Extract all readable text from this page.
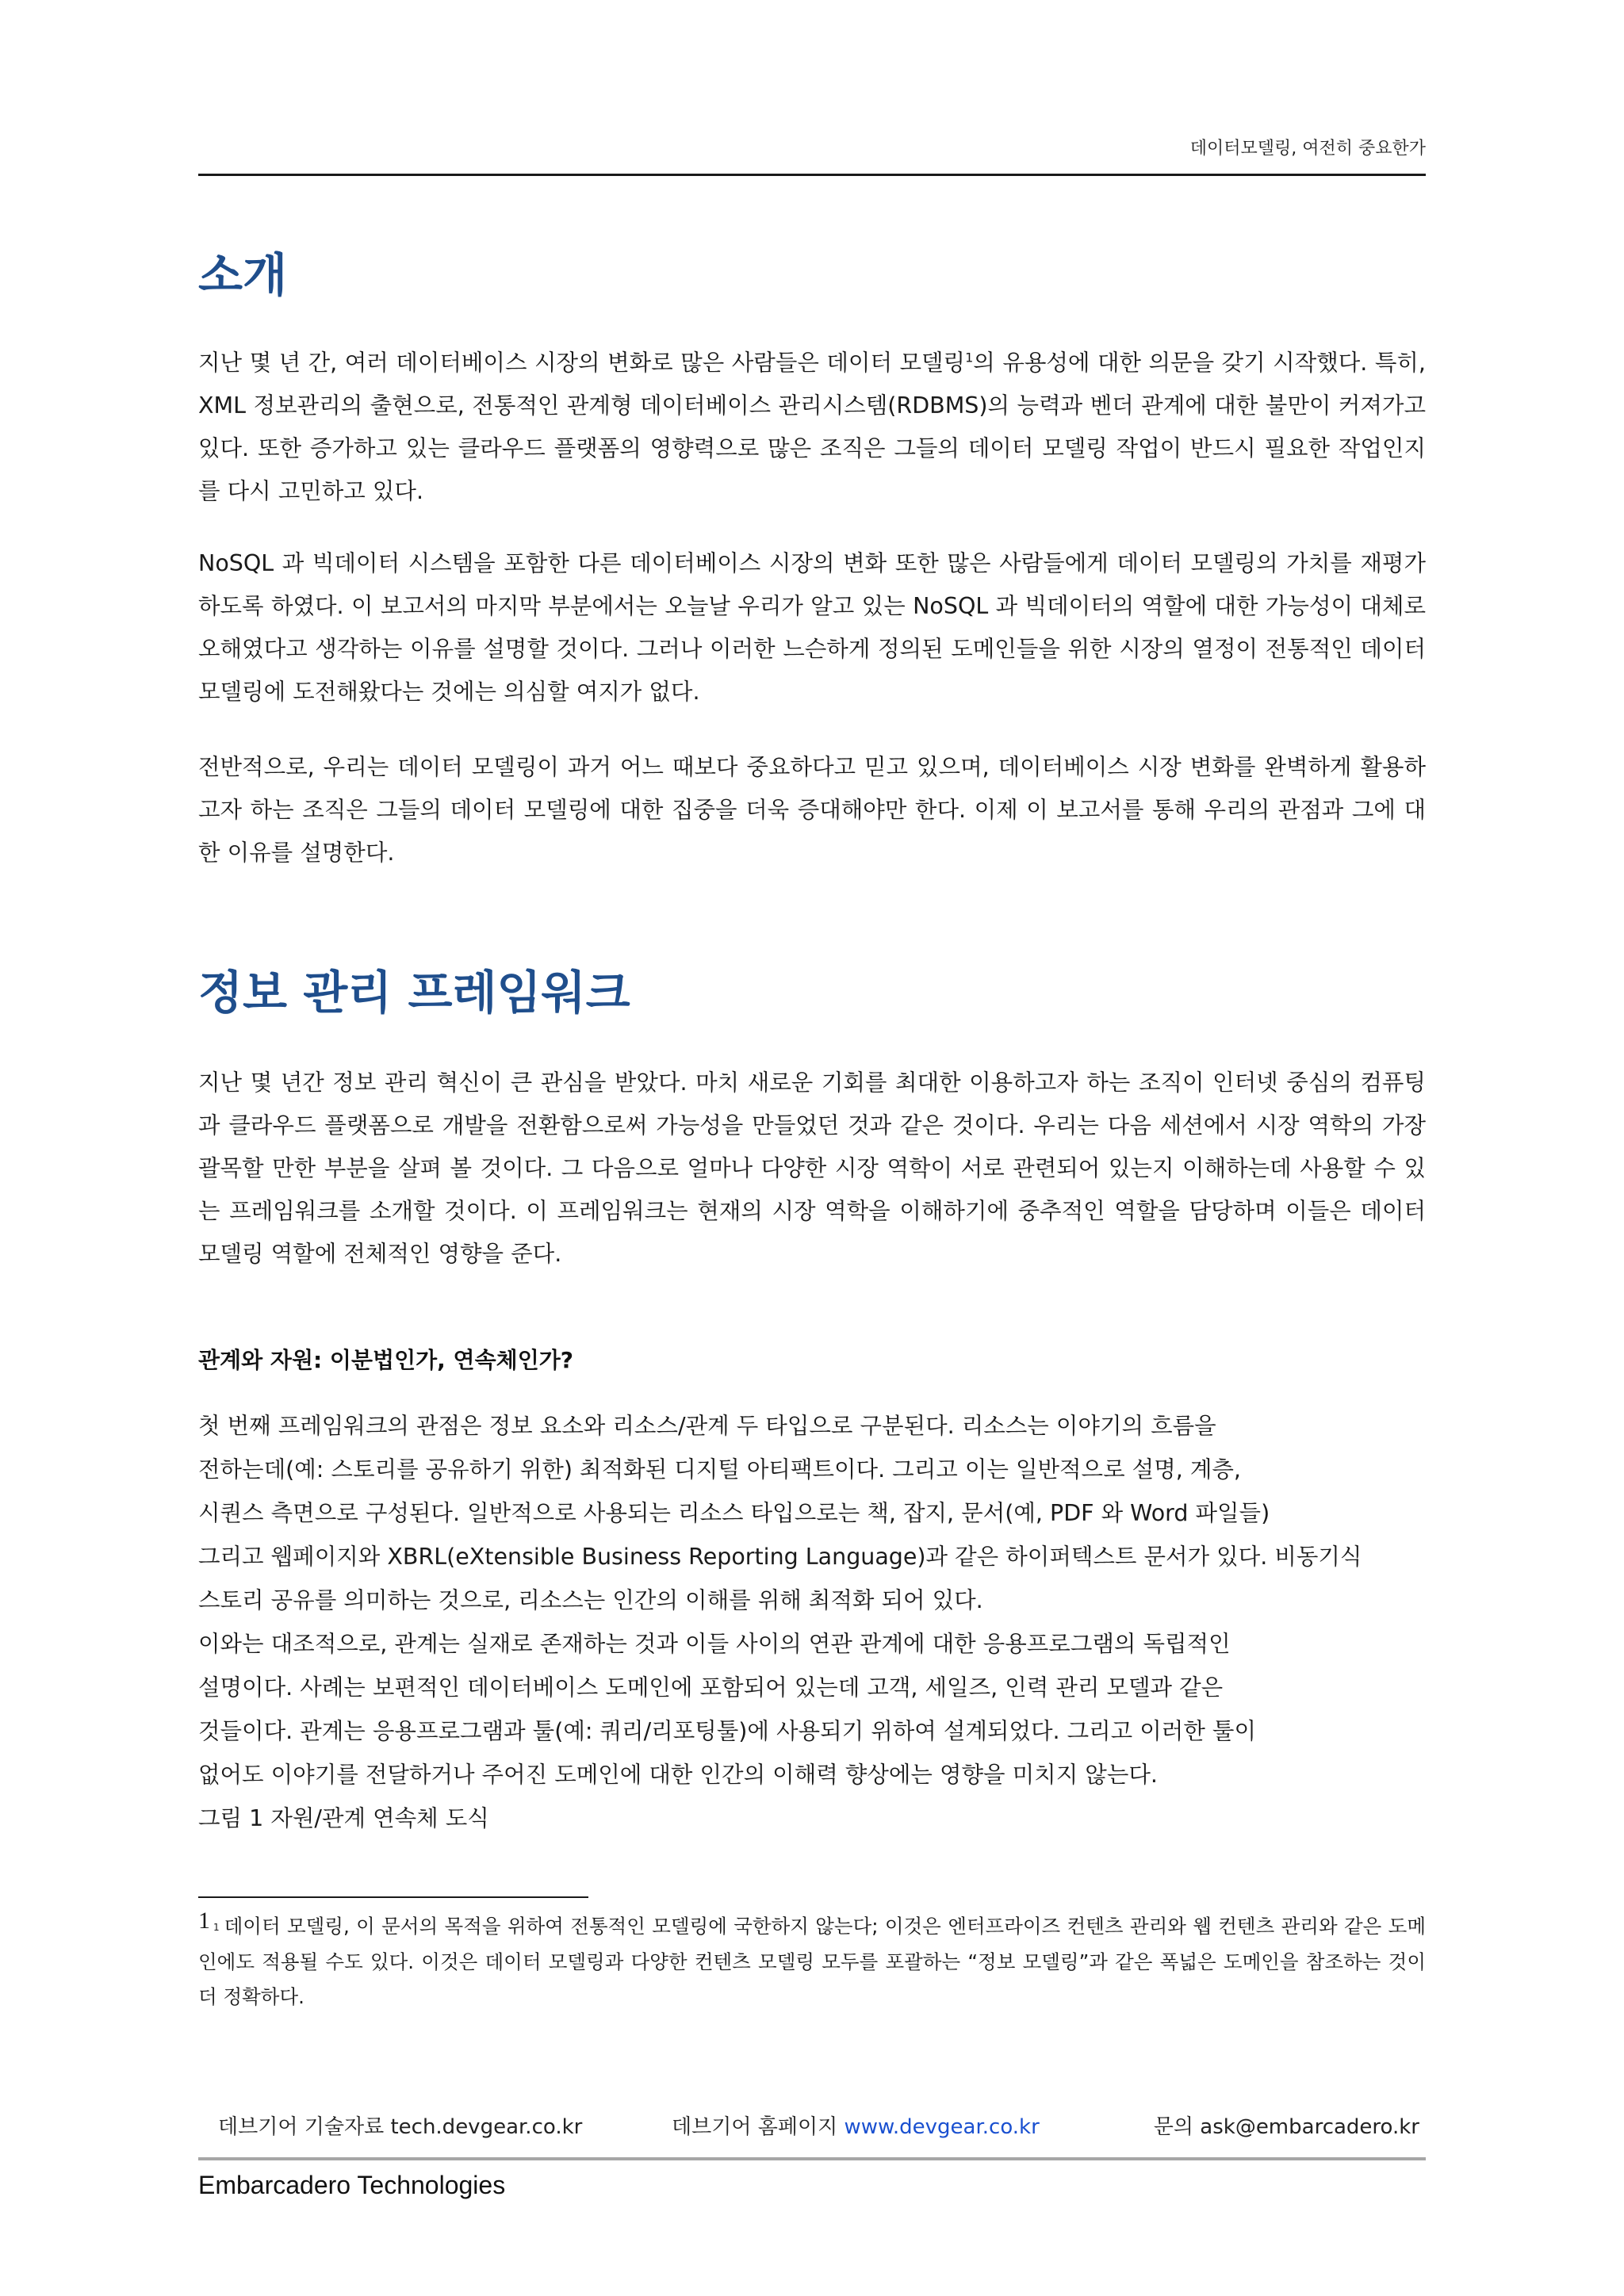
데이터모델링, 여전히 중요한가
소개

지난 몇 년 간, 여러 데이터베이스 시장의 변화로 많은 사람들은 데이터 모델링$^1$의 유용성에 대한 의문을 갖기 시작했다. 특히, XML 정보관리의 출현으로, 전통적인 관계형 데이터베이스 관리시스템(RDBMS)의 능력과 벤더 관계에 대한 불만이 커져가고 있다. 또한 증가하고 있는 클라우드 플랫폼의 영향력으로 많은 조직은 그들의 데이터 모델링 작업이 반드시 필요한 작업인지를 다시 고민하고 있다.

NoSQL 과 빅데이터 시스템을 포함한 다른 데이터베이스 시장의 변화 또한 많은 사람들에게 데이터 모델링의 가치를 재평가하도록 하였다. 이 보고서의 마지막 부분에서는 오늘날 우리가 알고 있는 NoSQL 과 빅데이터의 역할에 대한 가능성이 대체로 오해였다고 생각하는 이유를 설명할 것이다. 그러나 이러한 느슨하게 정의된 도메인들을 위한 시장의 열정이 전통적인 데이터모델링에 도전해왔다는 것에는 의심할 여지가 없다.

전반적으로, 우리는 데이터 모델링이 과거 어느 때보다 중요하다고 믿고 있으며, 데이터베이스 시장 변화를 완벽하게 활용하고자 하는 조직은 그들의 데이터 모델링에 대한 집중을 더욱 증대해야만 한다. 이제 이 보고서를 통해 우리의 관점과 그에 대한 이유를 설명한다.

정보 관리 프레임워크

지난 몇 년간 정보 관리 혁신이 큰 관심을 받았다. 마치 새로운 기회를 최대한 이용하고자 하는 조직이 인터넷 중심의 컴퓨팅과 클라우드 플랫폼으로 개발을 전환함으로써 가능성을 만들었던 것과 같은 것이다. 우리는 다음 세션에서 시장 역학의 가장 괄목할 만한 부분을 살펴 볼 것이다. 그 다음으로 얼마나 다양한 시장 역학이 서로 관련되어 있는지 이해하는데 사용할 수 있는 프레임워크를 소개할 것이다. 이 프레임워크는 현재의 시장 역학을 이해하기에 중추적인 역할을 담당하며 이들은 데이터 모델링 역할에 전체적인 영향을 준다.

관계와 자원: 이분법인가, 연속체인가?
첫 번째 프레임워크의 관점은 정보 요소와 리소스/관계 두 타입으로 구분된다. 리소스는 이야기의 흐름을
전하는데(예: 스토리를 공유하기 위한) 최적화된 디지털 아티팩트이다. 그리고 이는 일반적으로 설명, 계층,
시퀀스 측면으로 구성된다. 일반적으로 사용되는 리소스 타입으로는 책, 잡지, 문서(예, PDF 와 Word 파일들)
그리고 웹페이지와 XBRL(eXtensible Business Reporting Language)과 같은 하이퍼텍스트 문서가 있다. 비동기식
스토리 공유를 의미하는 것으로, 리소스는 인간의 이해를 위해 최적화 되어 있다.
이와는 대조적으로, 관계는 실재로 존재하는 것과 이들 사이의 연관 관계에 대한 응용프로그램의 독립적인
설명이다. 사례는 보편적인 데이터베이스 도메인에 포함되어 있는데 고객, 세일즈, 인력 관리 모델과 같은
것들이다. 관계는 응용프로그램과 툴(예: 쿼리/리포팅툴)에 사용되기 위하여 설계되었다. 그리고 이러한 툴이
없어도 이야기를 전달하거나 주어진 도메인에 대한 인간의 이해력 향상에는 영향을 미치지 않는다.
그림 1 자원/관계 연속체 도식

1 1 데이터 모델링, 이 문서의 목적을 위하여 전통적인 모델링에 국한하지 않는다; 이것은 엔터프라이즈 컨텐츠 관리와 웹 컨텐츠 관리와 같은 도메인에도 적용될 수도 있다. 이것은 데이터 모델링과 다양한 컨텐츠 모델링 모두를 포괄하는 “정보 모델링”과 같은 폭넓은 도메인을 참조하는 것이 더 정확하다.

데브기어 기술자료 tech.devgear.co.kr	데브기어 홈페이지 www.devgear.co.kr	문의 ask@embarcadero.kr
Embarcadero Technologies
